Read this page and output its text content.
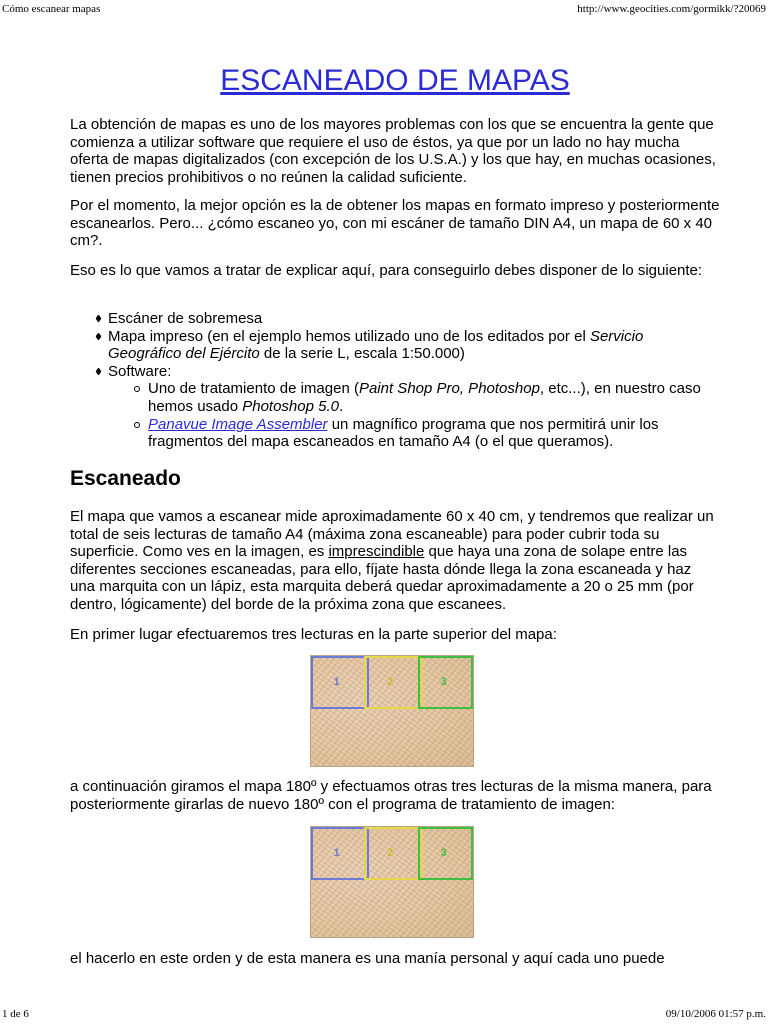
Cómo escanear mapas	http://www.geocities.com/gormikk/?20069
ESCANEADO DE MAPAS

La obtención de mapas es uno de los mayores problemas con los que se encuentra la gente que comienza a utilizar software que requiere el uso de éstos, ya que por un lado no hay mucha oferta de mapas digitalizados (con excepción de los U.S.A.) y los que hay, en muchas ocasiones, tienen precios prohibitivos o no reúnen la calidad suficiente.

Por el momento, la mejor opción es la de obtener los mapas en formato impreso y posteriormente escanearlos. Pero... ¿cómo escaneo yo, con mi escáner de tamaño DIN A4, un mapa de 60 x 40 cm?.

Eso es lo que vamos a tratar de explicar aquí, para conseguirlo debes disponer de lo siguiente:

Escáner de sobremesa
Mapa impreso (en el ejemplo hemos utilizado uno de los editados por el Servicio Geográfico del Ejército de la serie L, escala 1:50.000)
Software:
Uno de tratamiento de imagen (Paint Shop Pro, Photoshop, etc...), en nuestro caso hemos usado Photoshop 5.0.
Panavue Image Assembler un magnífico programa que nos permitirá unir los fragmentos del mapa escaneados en tamaño A4 (o el que queramos).
Escaneado

El mapa que vamos a escanear mide aproximadamente 60 x 40 cm, y tendremos que realizar un total de seis lecturas de tamaño A4 (máxima zona escaneable) para poder cubrir toda su superficie. Como ves en la imagen, es imprescindible que haya una zona de solape entre las diferentes secciones escaneadas, para ello, fíjate hasta dónde llega la zona escaneada y haz una marquita con un lápiz, esta marquita deberá quedar aproximadamente a 20 o 25 mm (por dentro, lógicamente) del borde de la próxima zona que escanees.

En primer lugar efectuaremos tres lecturas en la parte superior del mapa:

1	2	3

a continuación giramos el mapa 180º y efectuamos otras tres lecturas de la misma manera, para posteriormente girarlas de nuevo 180º con el programa de tratamiento de imagen:

1	2	3

el hacerlo en este orden y de esta manera es una manía personal y aquí cada uno puede

1 de 6	09/10/2006 01:57 p.m.
